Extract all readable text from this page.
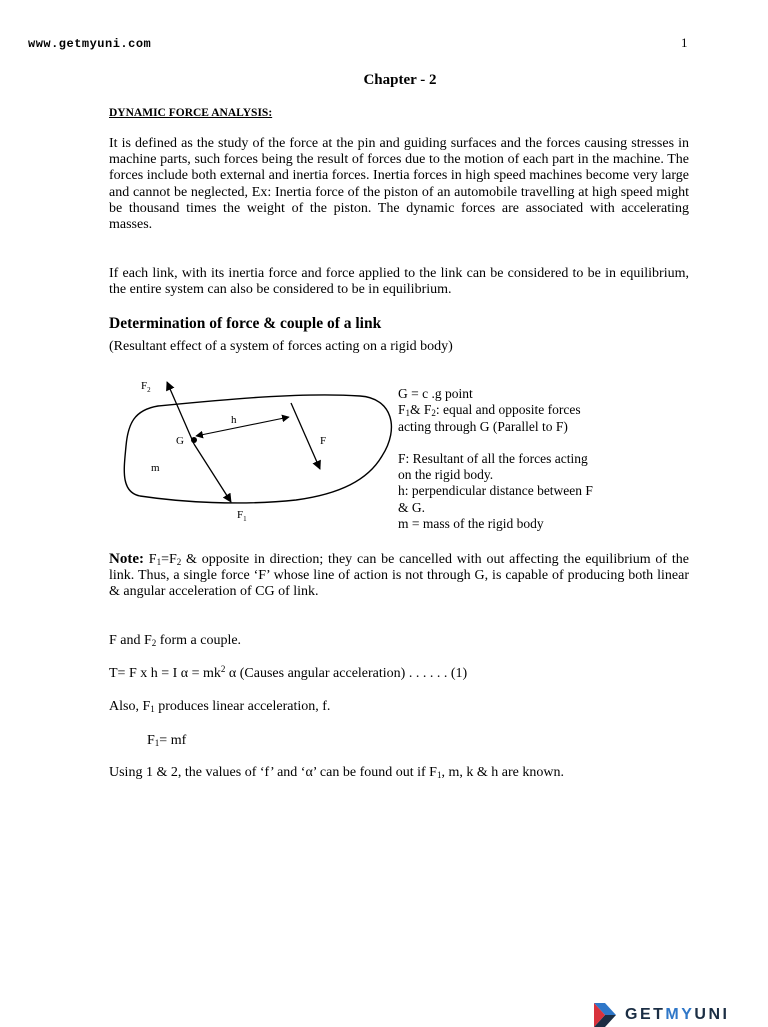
www.getmyuni.com	1
Chapter - 2
DYNAMIC FORCE ANALYSIS:
It is defined as the study of the force at the pin and guiding surfaces and the forces causing stresses in machine parts, such forces being the result of forces due to the motion of each part in the machine. The forces include both external and inertia forces. Inertia forces in high speed machines become very large and cannot be neglected, Ex: Inertia force of the piston of an automobile travelling at high speed might be thousand times the weight of the piston. The dynamic forces are associated with accelerating masses.
If each link, with its inertia force and force applied to the link can be considered to be in equilibrium, the entire system can also be considered to be in equilibrium.
Determination of force & couple of a link
(Resultant effect of a system of forces acting on a rigid body)
$F_2$
$F_1$
G
h
F
m
G = c .g point
$F_1\&$ $F_2$: equal and opposite forces
acting through G (Parallel to F)
F: Resultant of all the forces acting
on the rigid body.
h: perpendicular distance between F
& G.
m = mass of the rigid body
Note: $F_1=F_2$ & opposite in direction; they can be cancelled with out affecting the equilibrium of the link. Thus, a single force ‘F’ whose line of action is not through G, is capable of producing both linear & angular acceleration of CG of link.
F and $F_2$ form a couple.
T= F x h = I $\alpha = mk^2$ α (Causes angular acceleration) . . . . . . (1)
Also, $F_1$ produces linear acceleration, f.
$F_1=$ mf
Using 1 & 2, the values of ‘f’ and ‘α’ can be found out if $F_1$, m, k & h are known.
GETMYUNI
